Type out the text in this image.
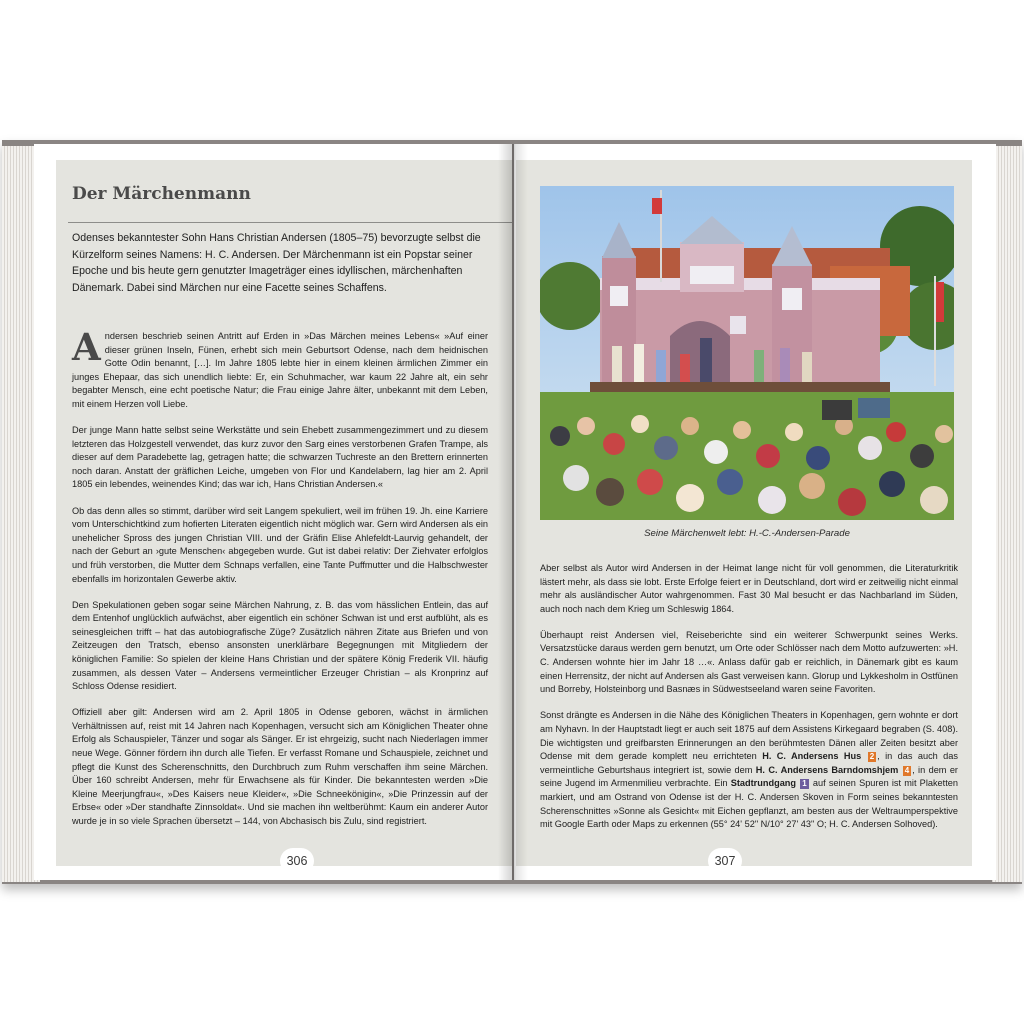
Der Märchenmann

Odenses bekanntester Sohn Hans Christian Andersen (1805–75) bevorzugte selbst die Kürzelform seines Namens: H. C. Andersen. Der Märchenmann ist ein Popstar seiner Epoche und bis heute gern genutzter Imageträger eines idyllischen, märchenhaften Dänemark. Dabei sind Märchen nur eine Facette seines Schaffens.

Andersen beschrieb seinen Antritt auf Erden in »Das Märchen meines Lebens« »Auf einer dieser grünen Inseln, Fünen, erhebt sich mein Geburtsort Odense, nach dem heidnischen Gotte Odin benannt, […]. Im Jahre 1805 lebte hier in einem kleinen ärmlichen Zimmer ein junges Ehepaar, das sich unendlich liebte: Er, ein Schuhmacher, war kaum 22 Jahre alt, ein sehr begabter Mensch, eine echt poetische Natur; die Frau einige Jahre älter, unbekannt mit dem Leben, mit einem Herzen voll Liebe.

Der junge Mann hatte selbst seine Werkstätte und sein Ehebett zusammengezimmert und zu diesem letzteren das Holzgestell verwendet, das kurz zuvor den Sarg eines verstorbenen Grafen Trampe, als dieser auf dem Paradebette lag, getragen hatte; die schwarzen Tuchreste an den Brettern erinnerten noch daran. Anstatt der gräflichen Leiche, umgeben von Flor und Kandelabern, lag hier am 2. April 1805 ein lebendes, weinendes Kind; das war ich, Hans Christian Andersen.«

Ob das denn alles so stimmt, darüber wird seit Langem spekuliert, weil im frühen 19. Jh. eine Karriere vom Unterschichtkind zum hofierten Literaten eigentlich nicht möglich war. Gern wird Andersen als ein unehelicher Spross des jungen Christian VIII. und der Gräfin Elise Ahlefeldt-Laurvig gehandelt, der nach der Geburt an ›gute Menschen‹ abgegeben wurde. Gut ist dabei relativ: Der Ziehvater erfolglos und früh verstorben, die Mutter dem Schnaps verfallen, eine Tante Puffmutter und die Halbschwester ebenfalls im horizontalen Gewerbe aktiv.

Den Spekulationen geben sogar seine Märchen Nahrung, z. B. das vom hässlichen Entlein, das auf dem Entenhof unglücklich aufwächst, aber eigentlich ein schöner Schwan ist und erst aufblüht, als es seinesgleichen trifft – hat das autobiografische Züge? Zusätzlich nähren Zitate aus Briefen und von Zeitzeugen den Tratsch, ebenso ansonsten unerklärbare Begegnungen mit Mitgliedern der königlichen Familie: So spielen der kleine Hans Christian und der spätere König Frederik VII. häufig zusammen, als dessen Vater – Andersens vermeintlicher Erzeuger Christian – als Kronprinz auf Schloss Odense residiert.

Offiziell aber gilt: Andersen wird am 2. April 1805 in Odense geboren, wächst in ärmlichen Verhältnissen auf, reist mit 14 Jahren nach Kopenhagen, versucht sich am Königlichen Theater ohne Erfolg als Schauspieler, Tänzer und sogar als Sänger. Er ist ehrgeizig, sucht nach Niederlagen immer neue Wege. Gönner fördern ihn durch alle Tiefen. Er verfasst Romane und Schauspiele, zeichnet und pflegt die Kunst des Scherenschnitts, den Durchbruch zum Ruhm verschaffen ihm seine Märchen. Über 160 schreibt Andersen, mehr für Erwachsene als für Kinder. Die bekanntesten werden »Die Kleine Meerjungfrau«, »Des Kaisers neue Kleider«, »Die Schneekönigin«, »Die Prinzessin auf der Erbse« oder »Der standhafte Zinnsoldat«. Und sie machen ihn weltberühmt: Kaum ein anderer Autor wurde je in so viele Sprachen übersetzt – 144, von Abchasisch bis Zulu, sind registriert.

306

Seine Märchenwelt lebt: H.-C.-Andersen-Parade

Aber selbst als Autor wird Andersen in der Heimat lange nicht für voll genommen, die Literaturkritik lästert mehr, als dass sie lobt. Erste Erfolge feiert er in Deutschland, dort wird er zeitweilig nicht einmal mehr als ausländischer Autor wahrgenommen. Fast 30 Mal besucht er das Nachbarland im Süden, auch noch nach dem Krieg um Schleswig 1864.

Überhaupt reist Andersen viel, Reiseberichte sind ein weiterer Schwerpunkt seines Werks. Versatzstücke daraus werden gern benutzt, um Orte oder Schlösser nach dem Motto aufzuwerten: »H. C. Andersen wohnte hier im Jahr 18 …«. Anlass dafür gab er reichlich, in Dänemark gibt es kaum einen Herrensitz, der nicht auf Andersen als Gast verweisen kann. Glorup und Lykkesholm in Ostfünen und Borreby, Holsteinborg und Basnæs in Südwestseeland waren seine Favoriten.

Sonst drängte es Andersen in die Nähe des Königlichen Theaters in Kopenhagen, gern wohnte er dort am Nyhavn. In der Hauptstadt liegt er auch seit 1875 auf dem Assistens Kirkegaard begraben (S. 408). Die wichtigsten und greifbarsten Erinnerungen an den berühmtesten Dänen aller Zeiten besitzt aber Odense mit dem gerade komplett neu errichteten H. C. Andersens Hus 2 , in das auch das vermeintliche Geburtshaus integriert ist, sowie dem H. C. Andersens Barndomshjem 4 , in dem er seine Jugend im Armenmilieu verbrachte. Ein Stadtrundgang 1 auf seinen Spuren ist mit Plaketten markiert, und am Ostrand von Odense ist der H. C. Andersen Skoven in Form seines bekanntesten Scherenschnittes »Sonne als Gesicht« mit Eichen gepflanzt, am besten aus der Weltraumperspektive mit Google Earth oder Maps zu erkennen (55° 24' 52" N/10° 27' 43" O; H. C. Andersen Solhoved).

307
